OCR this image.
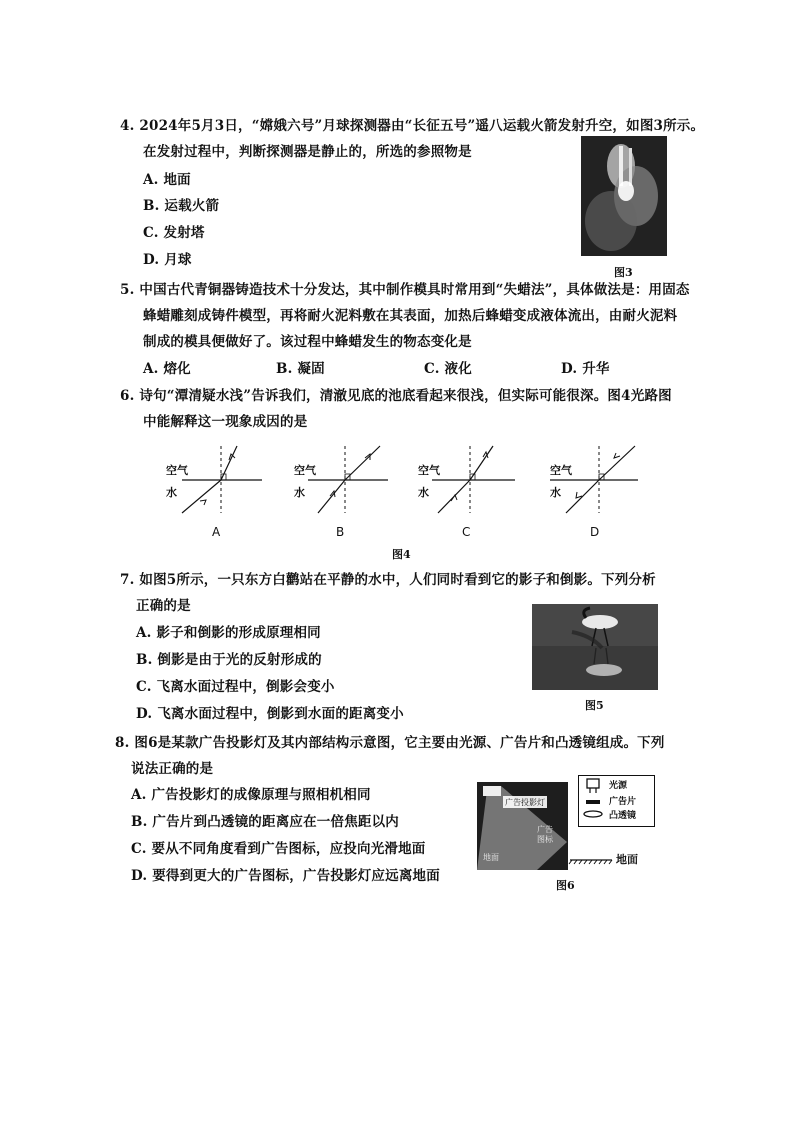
4. 2024年5月3日，“嫦娥六号”月球探测器由“长征五号”遥八运载火箭发射升空，如图3所示。
在发射过程中，判断探测器是静止的，所选的参照物是
A. 地面
B. 运载火箭
C. 发射塔
D. 月球
图3
5. 中国古代青铜器铸造技术十分发达，其中制作模具时常用到“失蜡法”，具体做法是：用固态
蜂蜡雕刻成铸件模型，再将耐火泥料敷在其表面，加热后蜂蜡变成液体流出，由耐火泥料
制成的模具便做好了。该过程中蜂蜡发生的物态变化是
A. 熔化	B. 凝固	C. 液化	D. 升华
6. 诗句“潭清疑水浅”告诉我们，清澈见底的池底看起来很浅，但实际可能很深。图4光路图
中能解释这一现象成因的是
空气
水
A
空气
水
B
空气
水
C
空气
水
D
图4
7. 如图5所示，一只东方白鹳站在平静的水中，人们同时看到它的影子和倒影。下列分析
正确的是
A. 影子和倒影的形成原理相同
B. 倒影是由于光的反射形成的
C. 飞离水面过程中，倒影会变小
D. 飞离水面过程中，倒影到水面的距离变小
图5
8. 图6是某款广告投影灯及其内部结构示意图，它主要由光源、广告片和凸透镜组成。下列
说法正确的是
A. 广告投影灯的成像原理与照相机相同
B. 广告片到凸透镜的距离应在一倍焦距以内
C. 要从不同角度看到广告图标，应投向光滑地面
D. 要得到更大的广告图标，广告投影灯应远离地面
广告投影灯
广告
图标
地面
光源
广告片
凸透镜
地面
图6
